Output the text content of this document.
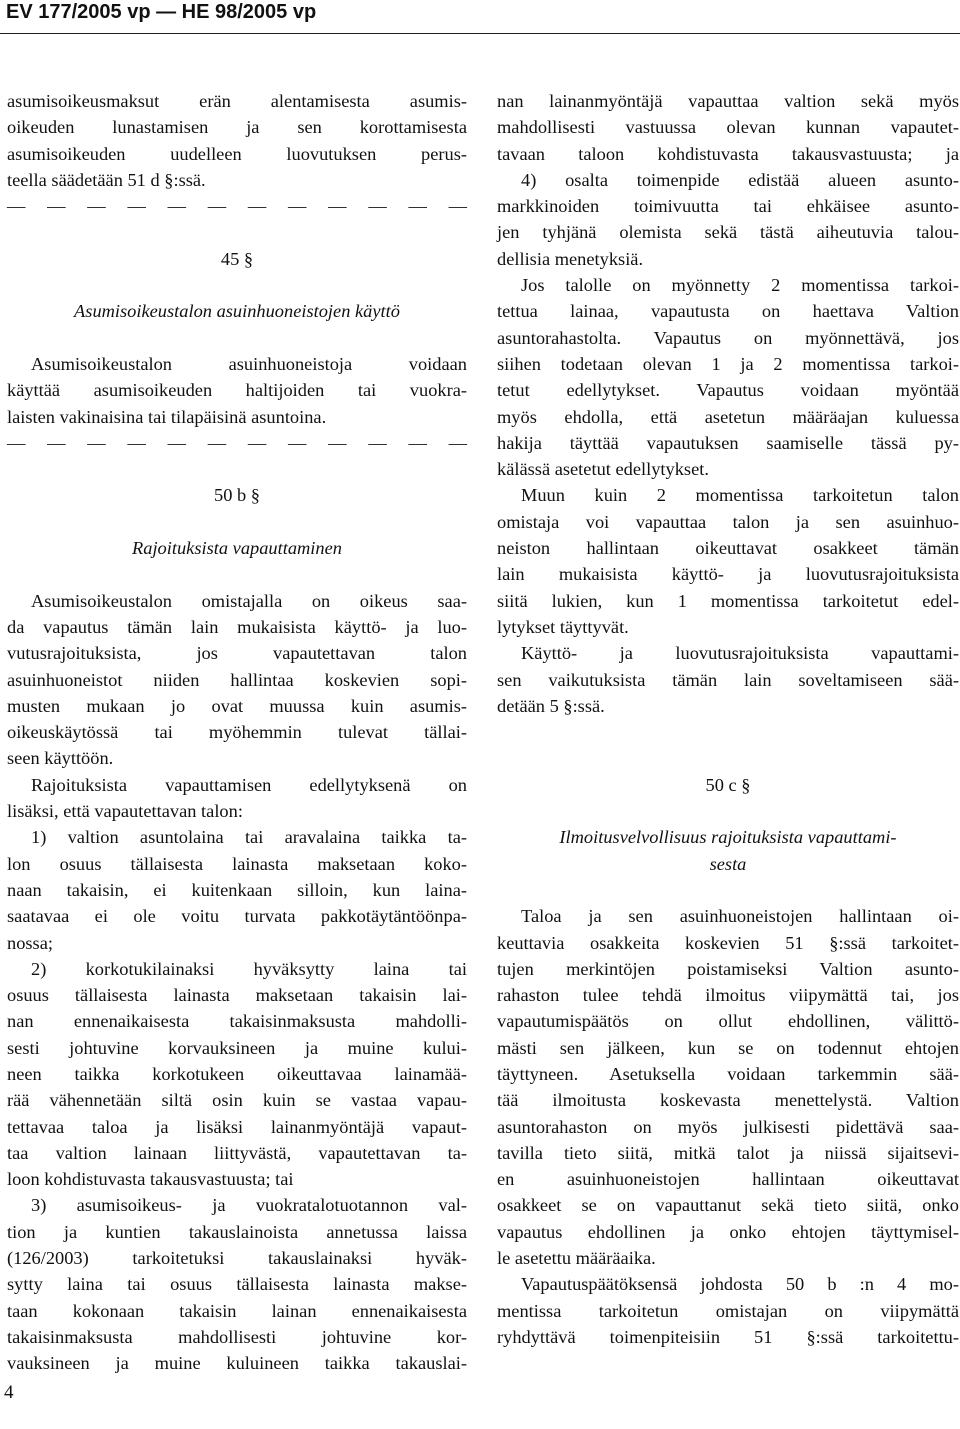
EV 177/2005 vp — HE 98/2005 vp
asumisoikeusmaksut erän alentamisesta asumis-
oikeuden lunastamisen ja sen korottamisesta
asumisoikeuden uudelleen luovutuksen perus-
teella säädetään 51 d §:ssä.
— — — — — — — — — — — —
45 §
Asumisoikeustalon asuinhuoneistojen käyttö
Asumisoikeustalon asuinhuoneistoja voidaan
käyttää asumisoikeuden haltijoiden tai vuokra-
laisten vakinaisina tai tilapäisinä asuntoina.
— — — — — — — — — — — —
50 b §
Rajoituksista vapauttaminen
Asumisoikeustalon omistajalla on oikeus saa-
da vapautus tämän lain mukaisista käyttö- ja luo-
vutusrajoituksista, jos vapautettavan talon
asuinhuoneistot niiden hallintaa koskevien sopi-
musten mukaan jo ovat muussa kuin asumis-
oikeuskäytössä tai myöhemmin tulevat tällai-
seen käyttöön.
Rajoituksista vapauttamisen edellytyksenä on
lisäksi, että vapautettavan talon:
1) valtion asuntolaina tai aravalaina taikka ta-
lon osuus tällaisesta lainasta maksetaan koko-
naan takaisin, ei kuitenkaan silloin, kun laina-
saatavaa ei ole voitu turvata pakkotäytäntöönpa-
nossa;
2) korkotukilainaksi hyväksytty laina tai
osuus tällaisesta lainasta maksetaan takaisin lai-
nan ennenaikaisesta takaisinmaksusta mahdolli-
sesti johtuvine korvauksineen ja muine kului-
neen taikka korkotukeen oikeuttavaa lainamää-
rää vähennetään siltä osin kuin se vastaa vapau-
tettavaa taloa ja lisäksi lainanmyöntäjä vapaut-
taa valtion lainaan liittyvästä, vapautettavan ta-
loon kohdistuvasta takausvastuusta; tai
3) asumisoikeus- ja vuokratalotuotannon val-
tion ja kuntien takauslainoista annetussa laissa
(126/2003) tarkoitetuksi takauslainaksi hyväk-
sytty laina tai osuus tällaisesta lainasta makse-
taan kokonaan takaisin lainan ennenaikaisesta
takaisinmaksusta mahdollisesti johtuvine kor-
vauksineen ja muine kuluineen taikka takauslai-
nan lainanmyöntäjä vapauttaa valtion sekä myös
mahdollisesti vastuussa olevan kunnan vapautet-
tavaan taloon kohdistuvasta takausvastuusta; ja
4) osalta toimenpide edistää alueen asunto-
markkinoiden toimivuutta tai ehkäisee asunto-
jen tyhjänä olemista sekä tästä aiheutuvia talou-
dellisia menetyksiä.
Jos talolle on myönnetty 2 momentissa tarkoi-
tettua lainaa, vapautusta on haettava Valtion
asuntorahastolta. Vapautus on myönnettävä, jos
siihen todetaan olevan 1 ja 2 momentissa tarkoi-
tetut edellytykset. Vapautus voidaan myöntää
myös ehdolla, että asetetun määräajan kuluessa
hakija täyttää vapautuksen saamiselle tässä py-
kälässä asetetut edellytykset.
Muun kuin 2 momentissa tarkoitetun talon
omistaja voi vapauttaa talon ja sen asuinhuo-
neiston hallintaan oikeuttavat osakkeet tämän
lain mukaisista käyttö- ja luovutusrajoituksista
siitä lukien, kun 1 momentissa tarkoitetut edel-
lytykset täyttyvät.
Käyttö- ja luovutusrajoituksista vapauttami-
sen vaikutuksista tämän lain soveltamiseen sää-
detään 5 §:ssä.
50 c §
Ilmoitusvelvollisuus rajoituksista vapauttami-
sesta
Taloa ja sen asuinhuoneistojen hallintaan oi-
keuttavia osakkeita koskevien 51 §:ssä tarkoitet-
tujen merkintöjen poistamiseksi Valtion asunto-
rahaston tulee tehdä ilmoitus viipymättä tai, jos
vapautumispäätös on ollut ehdollinen, välittö-
mästi sen jälkeen, kun se on todennut ehtojen
täyttyneen. Asetuksella voidaan tarkemmin sää-
tää ilmoitusta koskevasta menettelystä. Valtion
asuntorahaston on myös julkisesti pidettävä saa-
tavilla tieto siitä, mitkä talot ja niissä sijaitsevi-
en asuinhuoneistojen hallintaan oikeuttavat
osakkeet se on vapauttanut sekä tieto siitä, onko
vapautus ehdollinen ja onko ehtojen täyttymisel-
le asetettu määräaika.
Vapautuspäätöksensä johdosta 50 b :n 4 mo-
mentissa tarkoitetun omistajan on viipymättä
ryhdyttävä toimenpiteisiin 51 §:ssä tarkoitettu-
4
